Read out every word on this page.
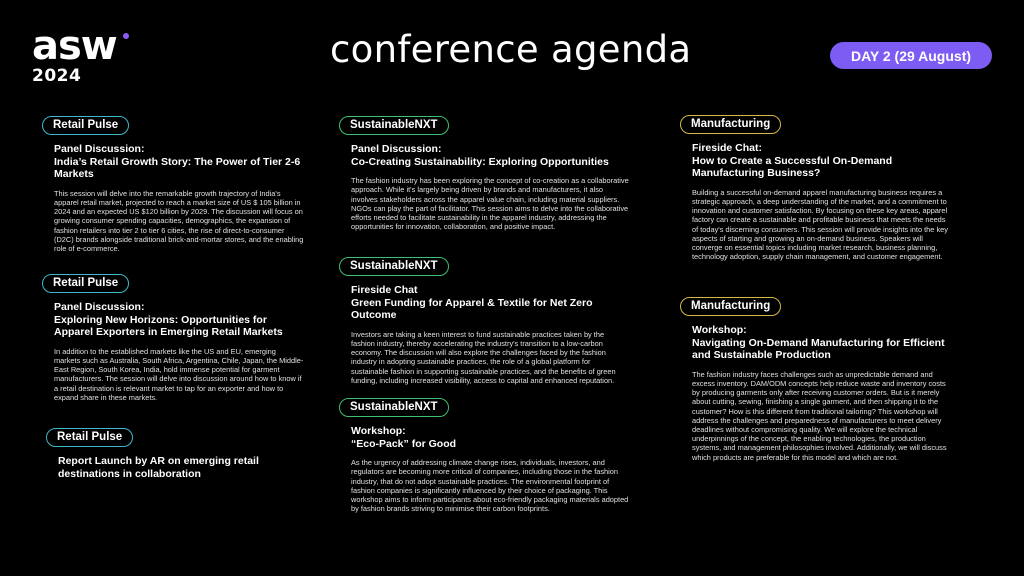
asw
2024
conference agenda	DAY 2 (29 August)
Retail Pulse
Panel Discussion:
India’s Retail Growth Story: The Power of Tier 2-6 Markets
This session will delve into the remarkable growth trajectory of India's apparel retail market, projected to reach a market size of US $ 105 billion in 2024 and an expected US $120 billion by 2029. The discussion will focus on growing consumer spending capacities, demographics, the expansion of fashion retailers into tier 2 to tier 6 cities, the rise of direct-to-consumer (D2C) brands alongside traditional brick-and-mortar stores, and the enabling role of e-commerce.
Retail Pulse
Panel Discussion:
Exploring New Horizons: Opportunities for Apparel Exporters in Emerging Retail Markets
In addition to the established markets like the US and EU, emerging markets such as Australia, South Africa, Argentina, Chile, Japan, the Middle-East Region, South Korea, India, hold immense potential for garment manufacturers. The session will delve into discussion around how to know if a retail destination is relevant market to tap for an exporter and how to expand share in these markets.
Retail Pulse
Report Launch by AR on emerging retail destinations in collaboration
SustainableNXT
Panel Discussion:
Co-Creating Sustainability: Exploring Opportunities
The fashion industry has been exploring the concept of co-creation as a collaborative approach. While it's largely being driven by brands and manufacturers, it also involves stakeholders across the apparel value chain, including material suppliers. NGOs can play the part of facilitator. This session aims to delve into the collaborative efforts needed to facilitate sustainability in the apparel industry, addressing the opportunities for innovation, collaboration, and positive impact.
SustainableNXT
Fireside Chat
Green Funding for Apparel & Textile for Net Zero Outcome
Investors are taking a keen interest to fund sustainable practices taken by the fashion industry, thereby accelerating the industry's transition to a low-carbon economy. The discussion will also explore the challenges faced by the fashion industry in adopting sustainable practices, the role of a global platform for sustainable fashion in supporting sustainable practices, and the benefits of green funding, including increased visibility, access to capital and enhanced reputation.
SustainableNXT
Workshop:
“Eco-Pack” for Good
As the urgency of addressing climate change rises, individuals, investors, and regulators are becoming more critical of companies, including those in the fashion industry, that do not adopt sustainable practices. The environmental footprint of fashion companies is significantly influenced by their choice of packaging. This workshop aims to inform participants about eco-friendly packaging materials adopted by fashion brands striving to minimise their carbon footprints.
Manufacturing
Fireside Chat:
How to Create a Successful On-Demand Manufacturing Business?
Building a successful on-demand apparel manufacturing business requires a strategic approach, a deep understanding of the market, and a commitment to innovation and customer satisfaction. By focusing on these key areas, apparel factory can create a sustainable and profitable business that meets the needs of today's discerning consumers. This session will provide insights into the key aspects of starting and growing an on-demand business. Speakers will converge on essential topics including market research, business planning, technology adoption, supply chain management, and customer engagement.
Manufacturing
Workshop:
Navigating On-Demand Manufacturing for Efficient and Sustainable Production
The fashion industry faces challenges such as unpredictable demand and excess inventory. DAM/ODM concepts help reduce waste and inventory costs by producing garments only after receiving customer orders. But is it merely about cutting, sewing, finishing a single garment, and then shipping it to the customer? How is this different from traditional tailoring? This workshop will address the challenges and preparedness of manufacturers to meet delivery deadlines without compromising quality. We will explore the technical underpinnings of the concept, the enabling technologies, the production systems, and management philosophies involved. Additionally, we will discuss which products are preferable for this model and which are not.
